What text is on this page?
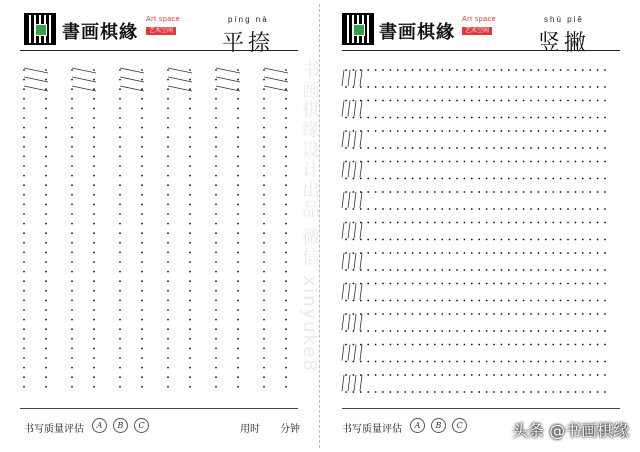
書画棋緣
Art space
艺术空间
píng nà
平捺
书写质量评估	A	B	C	用时 分钟
书画棋缘设计出品 微信 xinyuke8
書画棋緣
Art space
艺术空间
shù piě
竖撇
书写质量评估	A	B	C	头条 @书画棋缘
